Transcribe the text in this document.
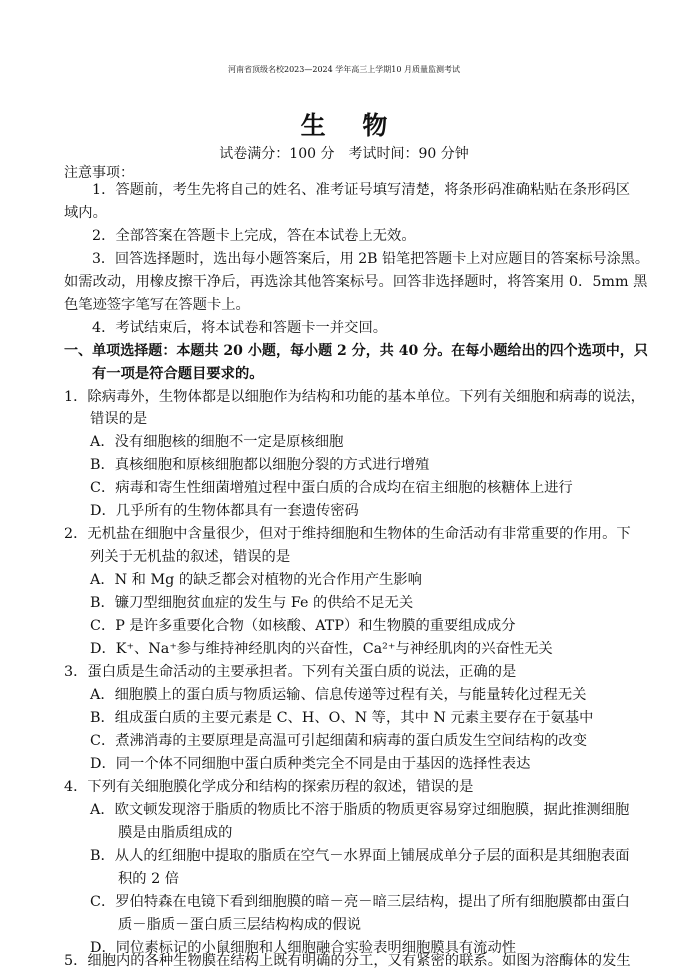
河南省顶级名校2023—2024 学年高三上学期10 月质量监测考试
生 物
试卷满分：100 分 考试时间：90 分钟
注意事项：
1．答题前，考生先将自己的姓名、准考证号填写清楚，将条形码准确粘贴在条形码区
域内。
2．全部答案在答题卡上完成，答在本试卷上无效。
3．回答选择题时，选出每小题答案后，用 2B 铅笔把答题卡上对应题目的答案标号涂黑。
如需改动，用橡皮擦干净后，再选涂其他答案标号。回答非选择题时，将答案用 0．5mm 黑
色笔迹签字笔写在答题卡上。
4．考试结束后，将本试卷和答题卡一并交回。
一、单项选择题：本题共 20 小题，每小题 2 分，共 40 分。在每小题给出的四个选项中，只
有一项是符合题目要求的。
1．除病毒外，生物体都是以细胞作为结构和功能的基本单位。下列有关细胞和病毒的说法，
错误的是
A．没有细胞核的细胞不一定是原核细胞
B．真核细胞和原核细胞都以细胞分裂的方式进行增殖
C．病毒和寄生性细菌增殖过程中蛋白质的合成均在宿主细胞的核糖体上进行
D．几乎所有的生物体都具有一套遗传密码
2．无机盐在细胞中含量很少，但对于维持细胞和生物体的生命活动有非常重要的作用。下
列关于无机盐的叙述，错误的是
A．N 和 Mg 的缺乏都会对植物的光合作用产生影响
B．镰刀型细胞贫血症的发生与 Fe 的供给不足无关
C．P 是许多重要化合物（如核酸、ATP）和生物膜的重要组成成分
D．K⁺、Na⁺参与维持神经肌肉的兴奋性，Ca²⁺与神经肌肉的兴奋性无关
3．蛋白质是生命活动的主要承担者。下列有关蛋白质的说法，正确的是
A．细胞膜上的蛋白质与物质运输、信息传递等过程有关，与能量转化过程无关
B．组成蛋白质的主要元素是 C、H、O、N 等，其中 N 元素主要存在于氨基中
C．煮沸消毒的主要原理是高温可引起细菌和病毒的蛋白质发生空间结构的改变
D．同一个体不同细胞中蛋白质种类完全不同是由于基因的选择性表达
4．下列有关细胞膜化学成分和结构的探索历程的叙述，错误的是
A．欧文顿发现溶于脂质的物质比不溶于脂质的物质更容易穿过细胞膜，据此推测细胞
膜是由脂质组成的
B．从人的红细胞中提取的脂质在空气－水界面上铺展成单分子层的面积是其细胞表面
积的 2 倍
C．罗伯特森在电镜下看到细胞膜的暗－亮－暗三层结构，提出了所有细胞膜都由蛋白
质－脂质－蛋白质三层结构构成的假说
D．同位素标记的小鼠细胞和人细胞融合实验表明细胞膜具有流动性
5．细胞内的各种生物膜在结构上既有明确的分工，又有紧密的联系。如图为溶酶体的发生
